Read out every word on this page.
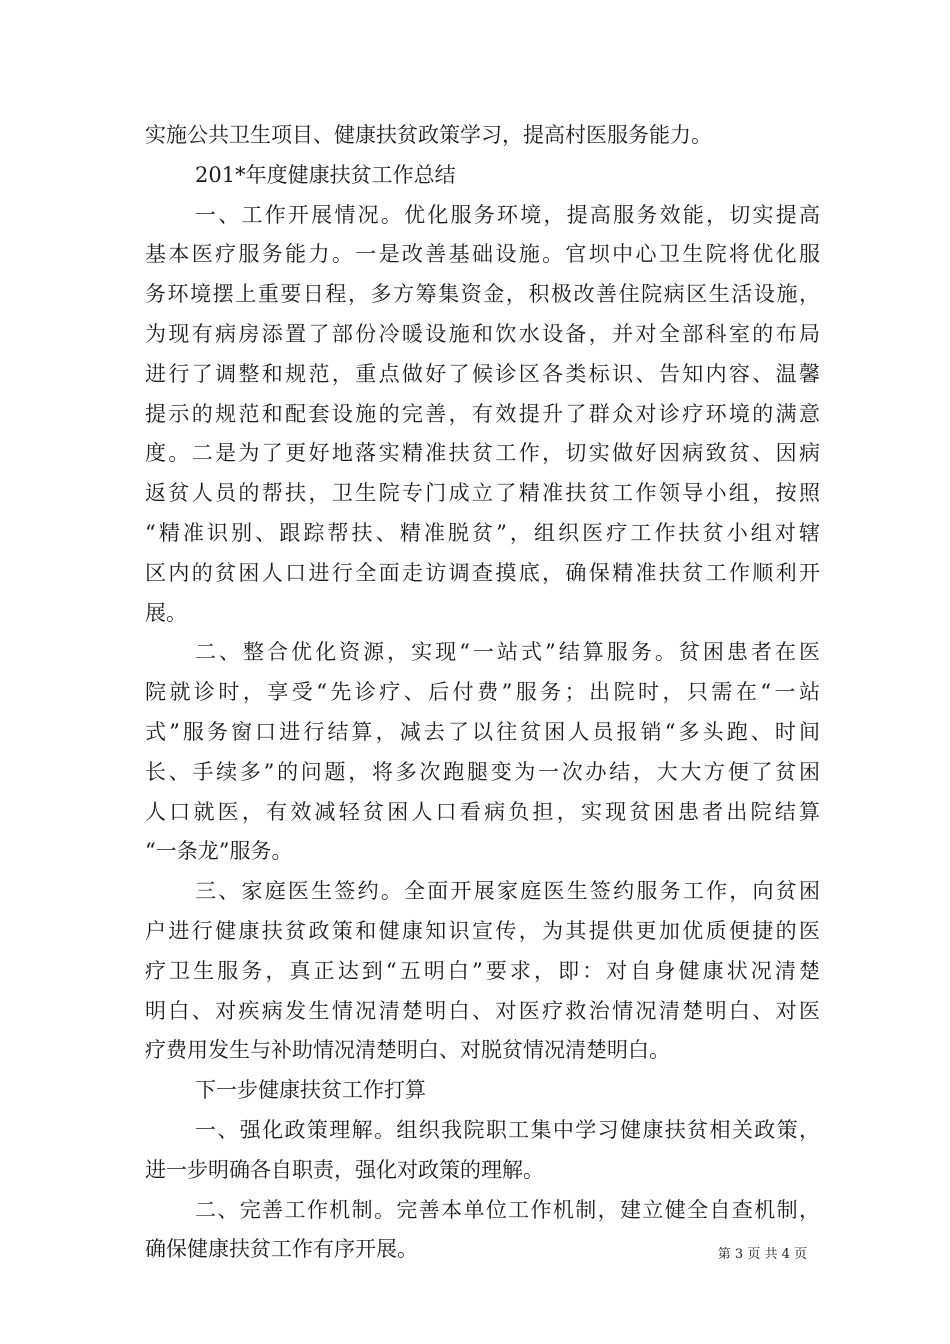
实施公共卫生项目、健康扶贫政策学习，提高村医服务能力。
201*年度健康扶贫工作总结
一、工作开展情况。优化服务环境，提高服务效能，切实提高
基本医疗服务能力。一是改善基础设施。官坝中心卫生院将优化服
务环境摆上重要日程，多方筹集资金，积极改善住院病区生活设施，
为现有病房添置了部份冷暖设施和饮水设备，并对全部科室的布局
进行了调整和规范，重点做好了候诊区各类标识、告知内容、温馨
提示的规范和配套设施的完善，有效提升了群众对诊疗环境的满意
度。二是为了更好地落实精准扶贫工作，切实做好因病致贫、因病
返贫人员的帮扶，卫生院专门成立了精准扶贫工作领导小组，按照
“精准识别、跟踪帮扶、精准脱贫”，组织医疗工作扶贫小组对辖
区内的贫困人口进行全面走访调查摸底，确保精准扶贫工作顺利开
展。
二、整合优化资源，实现“一站式”结算服务。贫困患者在医
院就诊时，享受“先诊疗、后付费”服务；出院时，只需在“一站
式”服务窗口进行结算，减去了以往贫困人员报销“多头跑、时间
长、手续多”的问题，将多次跑腿变为一次办结，大大方便了贫困
人口就医，有效减轻贫困人口看病负担，实现贫困患者出院结算
“一条龙”服务。
三、家庭医生签约。全面开展家庭医生签约服务工作，向贫困
户进行健康扶贫政策和健康知识宣传，为其提供更加优质便捷的医
疗卫生服务，真正达到“五明白”要求，即：对自身健康状况清楚
明白、对疾病发生情况清楚明白、对医疗救治情况清楚明白、对医
疗费用发生与补助情况清楚明白、对脱贫情况清楚明白。
下一步健康扶贫工作打算
一、强化政策理解。组织我院职工集中学习健康扶贫相关政策，
进一步明确各自职责，强化对政策的理解。
二、完善工作机制。完善本单位工作机制，建立健全自查机制，
确保健康扶贫工作有序开展。	第 3 页 共 4 页
